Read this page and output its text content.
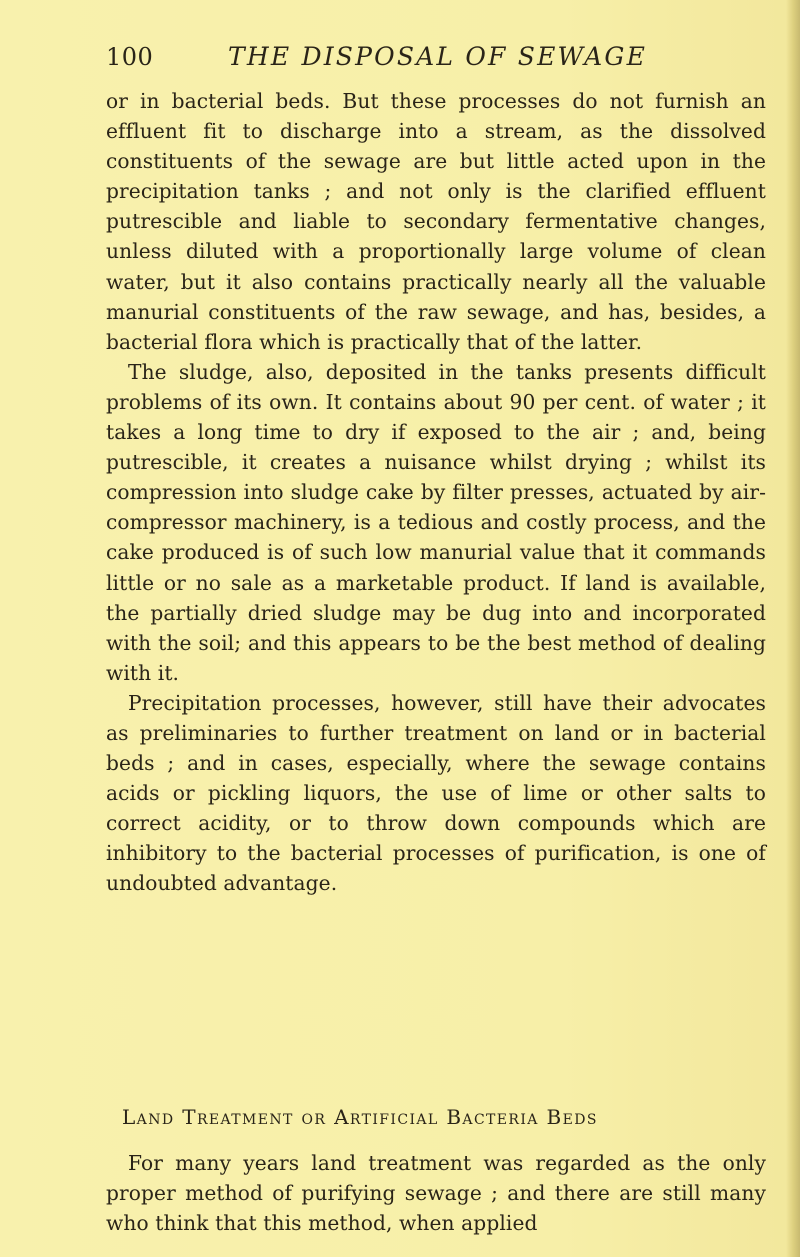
100	THE DISPOSAL OF SEWAGE

or in bacterial beds. But these processes do not furnish an effluent fit to discharge into a stream, as the dissolved constituents of the sewage are but little acted upon in the precipitation tanks ; and not only is the clarified effluent putrescible and liable to secondary fermentative changes, unless diluted with a proportionally large volume of clean water, but it also contains practically nearly all the valuable manurial constituents of the raw sewage, and has, besides, a bacterial flora which is practically that of the latter.

The sludge, also, deposited in the tanks presents difficult problems of its own. It contains about 90 per cent. of water ; it takes a long time to dry if exposed to the air ; and, being putrescible, it creates a nuisance whilst drying ; whilst its compression into sludge cake by filter presses, actuated by air-compressor machinery, is a tedious and costly process, and the cake produced is of such low manurial value that it commands little or no sale as a marketable product. If land is available, the partially dried sludge may be dug into and incorporated with the soil; and this appears to be the best method of dealing with it.

Precipitation processes, however, still have their advocates as preliminaries to further treatment on land or in bacterial beds ; and in cases, especially, where the sewage contains acids or pickling liquors, the use of lime or other salts to correct acidity, or to throw down compounds which are inhibitory to the bacterial processes of purification, is one of undoubted advantage.

Land Treatment or Artificial Bacteria Beds

For many years land treatment was regarded as the only proper method of purifying sewage ; and there are still many who think that this method, when applied
